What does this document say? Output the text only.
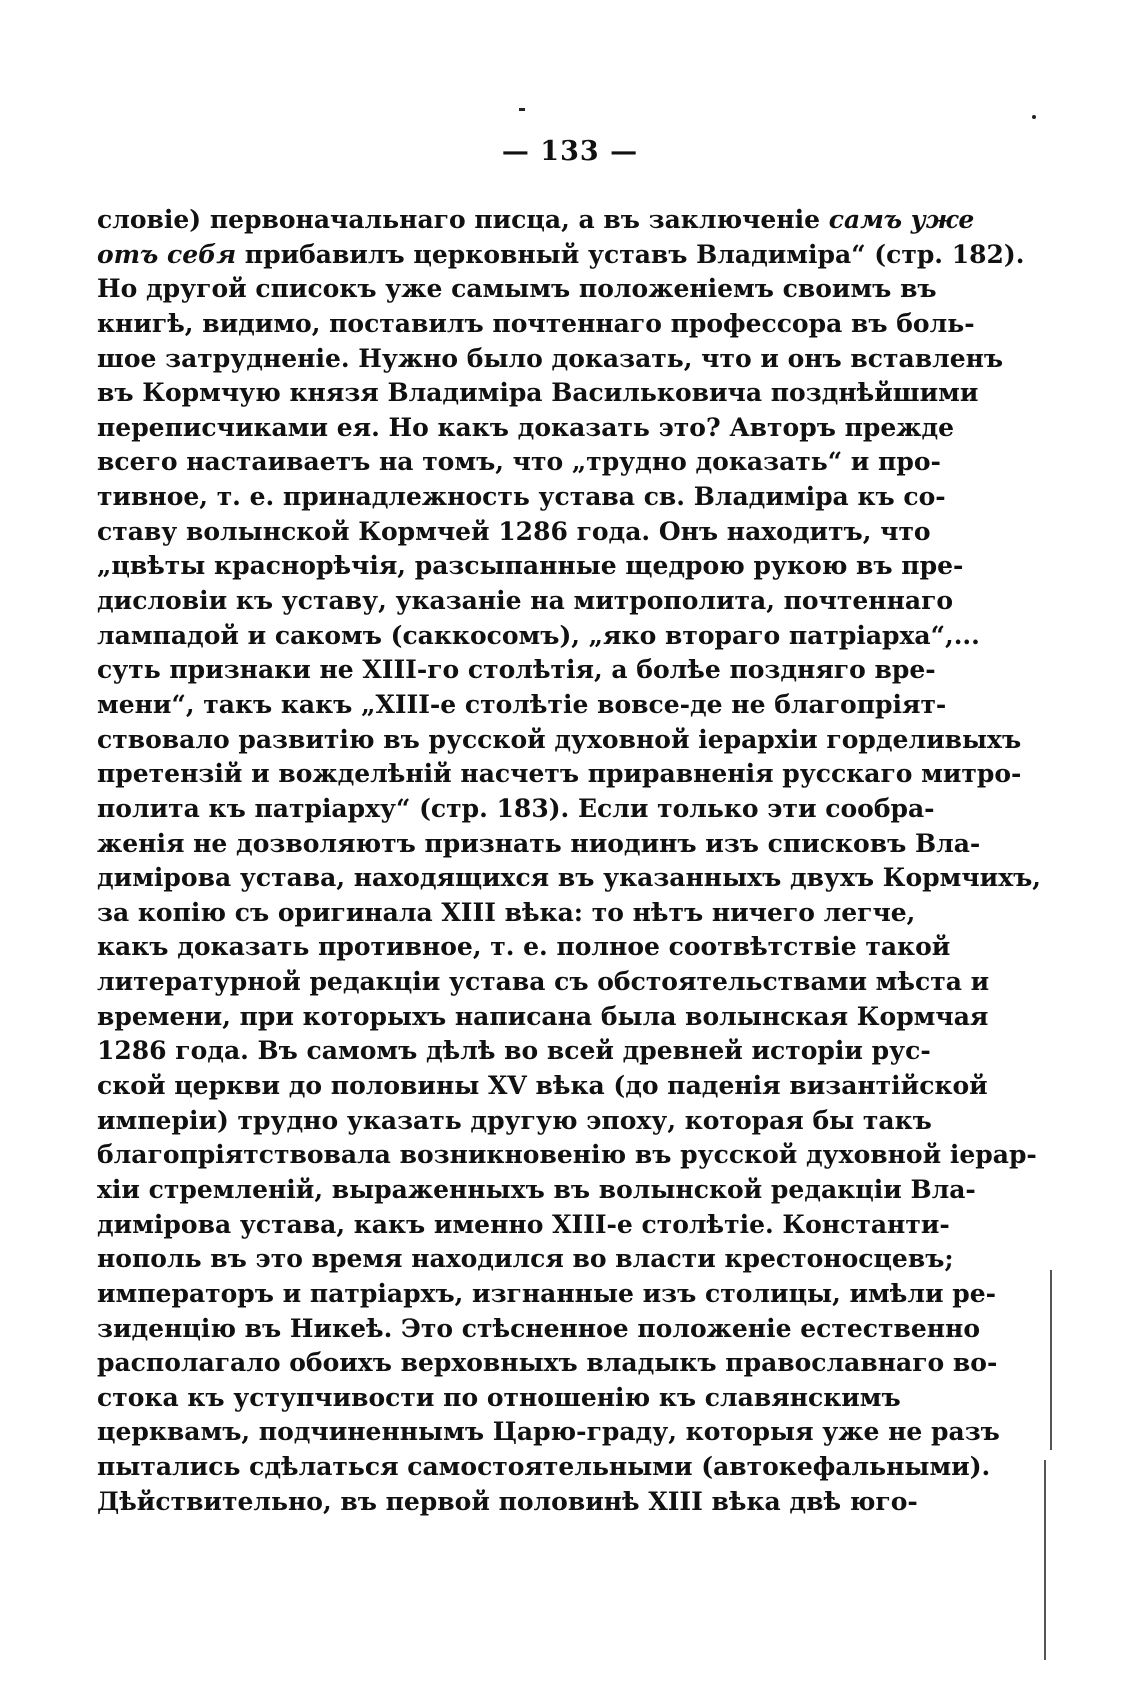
— 133 —
словіе) первоначальнаго писца, а въ заключеніе самъ уже
отъ себя прибавилъ церковный уставъ Владиміра“ (стр. 182).
Но другой списокъ уже самымъ положеніемъ своимъ въ
книгѣ, видимо, поставилъ почтеннаго профессора въ боль-
шое затрудненіе. Нужно было доказать, что и онъ вставленъ
въ Кормчую князя Владиміра Васильковича позднѣйшими
переписчиками ея. Но какъ доказать это? Авторъ прежде
всего настаиваетъ на томъ, что „трудно доказать“ и про-
тивное, т. е. принадлежность устава св. Владиміра къ со-
ставу волынской Кормчей 1286 года. Онъ находитъ, что
„цвѣты краснорѣчія, разсыпанные щедрою рукою въ пре-
дисловіи къ уставу, указаніе на митрополита, почтеннаго
лампадой и сакомъ (саккосомъ), „яко втораго патріарха“,...
суть признаки не XIII-го столѣтія, а болѣе поздняго вре-
мени“, такъ какъ „XIII-е столѣтіе вовсе-де не благопріят-
ствовало развитію въ русской духовной іерархіи горделивыхъ
претензій и вожделѣній насчетъ приравненія русскаго митро-
полита къ патріарху“ (стр. 183). Если только эти сообра-
женія не дозволяютъ признать ниодинъ изъ списковъ Вла-
димірова устава, находящихся въ указанныхъ двухъ Кормчихъ,
за копію съ оригинала XIII вѣка: то нѣтъ ничего легче,
какъ доказать противное, т. е. полное соотвѣтствіе такой
литературной редакціи устава съ обстоятельствами мѣста и
времени, при которыхъ написана была волынская Кормчая
1286 года. Въ самомъ дѣлѣ во всей древней исторіи рус-
ской церкви до половины XV вѣка (до паденія византійской
имперіи) трудно указать другую эпоху, которая бы такъ
благопріятствовала возникновенію въ русской духовной іерар-
хіи стремленій, выраженныхъ въ волынской редакціи Вла-
димірова устава, какъ именно XIII-е столѣтіе. Константи-
нополь въ это время находился во власти крестоносцевъ;
императоръ и патріархъ, изгнанные изъ столицы, имѣли ре-
зиденцію въ Никеѣ. Это стѣсненное положеніе естественно
располагало обоихъ верховныхъ владыкъ православнаго во-
стока къ уступчивости по отношенію къ славянскимъ
церквамъ, подчиненнымъ Царю-граду, которыя уже не разъ
пытались сдѣлаться самостоятельными (автокефальными).
Дѣйствительно, въ первой половинѣ XIII вѣка двѣ юго-
